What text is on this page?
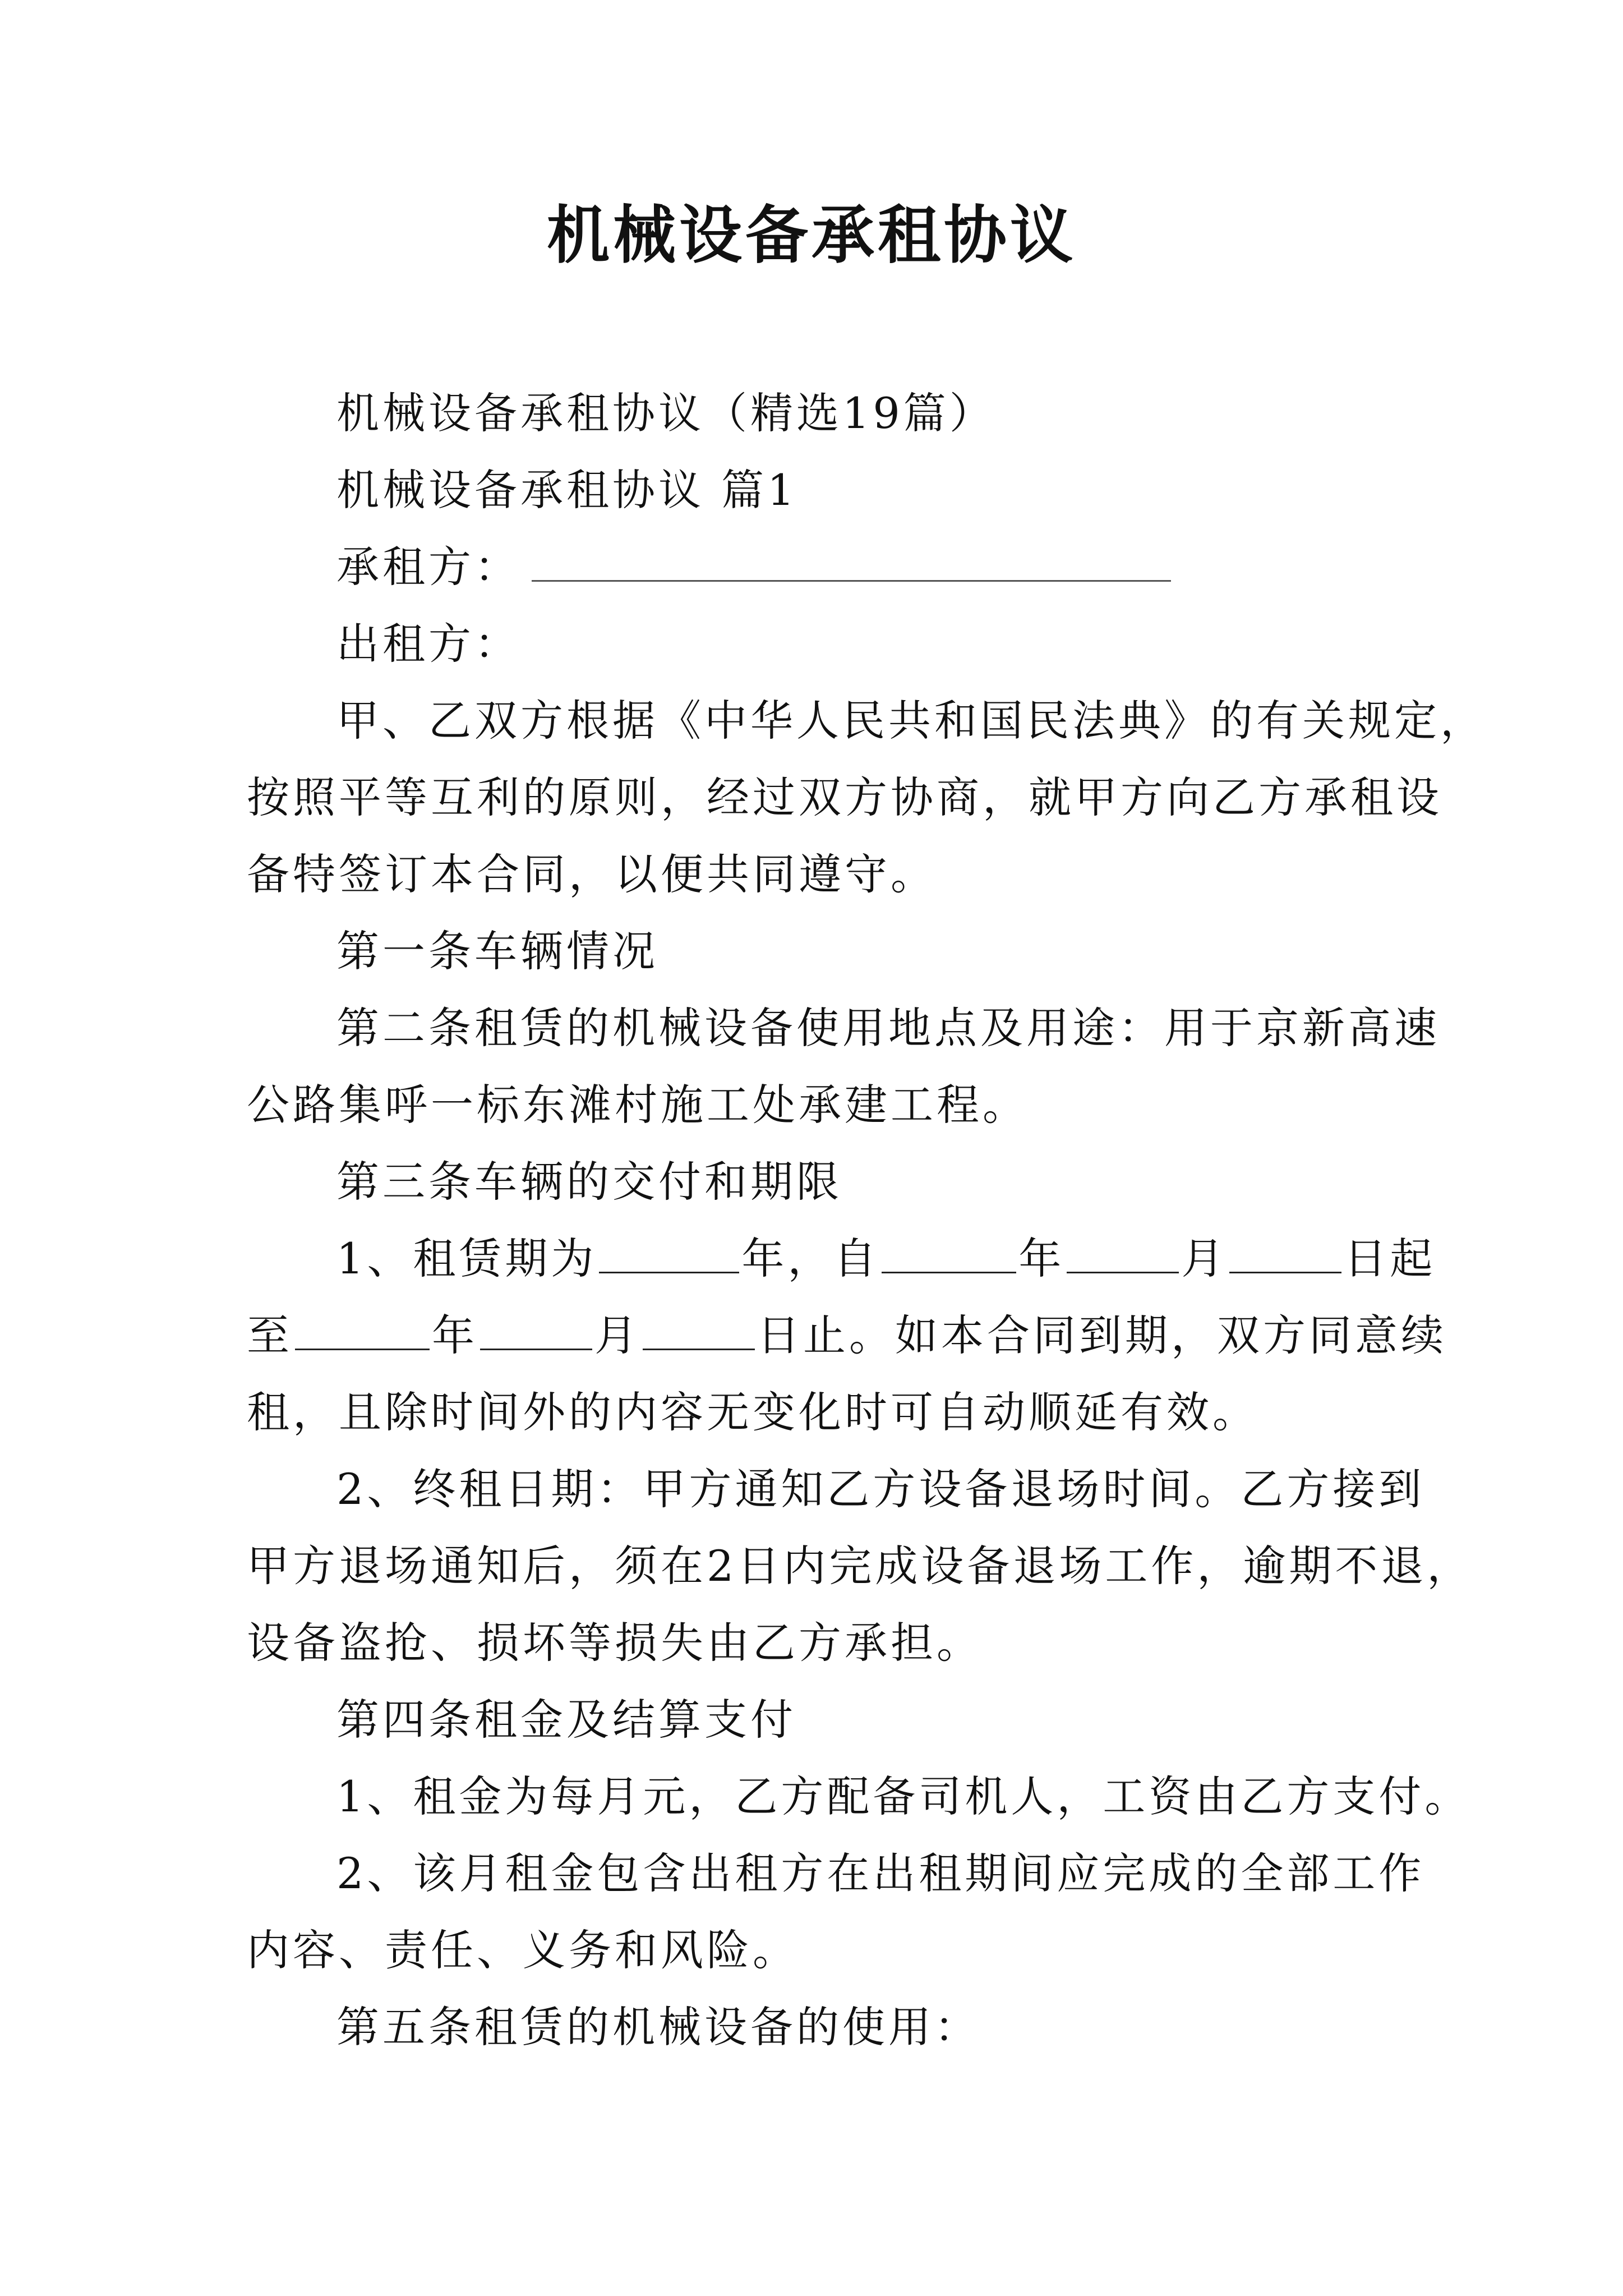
机械设备承租协议

机械设备承租协议（精选19篇）

机械设备承租协议 篇1

承租方：

出租方：

甲、乙双方根据《中华人民共和国民法典》的有关规定，
按照平等互利的原则，经过双方协商，就甲方向乙方承租设
备特签订本合同，以便共同遵守。

第一条车辆情况

第二条租赁的机械设备使用地点及用途：用于京新高速
公路集呼一标东滩村施工处承建工程。

第三条车辆的交付和期限

1、租赁期为	年，自	年	月	日起
至	年	月	日止。如本合同到期，双方同意续
租，且除时间外的内容无变化时可自动顺延有效。

2、终租日期：甲方通知乙方设备退场时间。乙方接到
甲方退场通知后，须在2日内完成设备退场工作，逾期不退，
设备盗抢、损坏等损失由乙方承担。

第四条租金及结算支付

1、租金为每月元，乙方配备司机人，工资由乙方支付。

2、该月租金包含出租方在出租期间应完成的全部工作
内容、责任、义务和风险。

第五条租赁的机械设备的使用：
